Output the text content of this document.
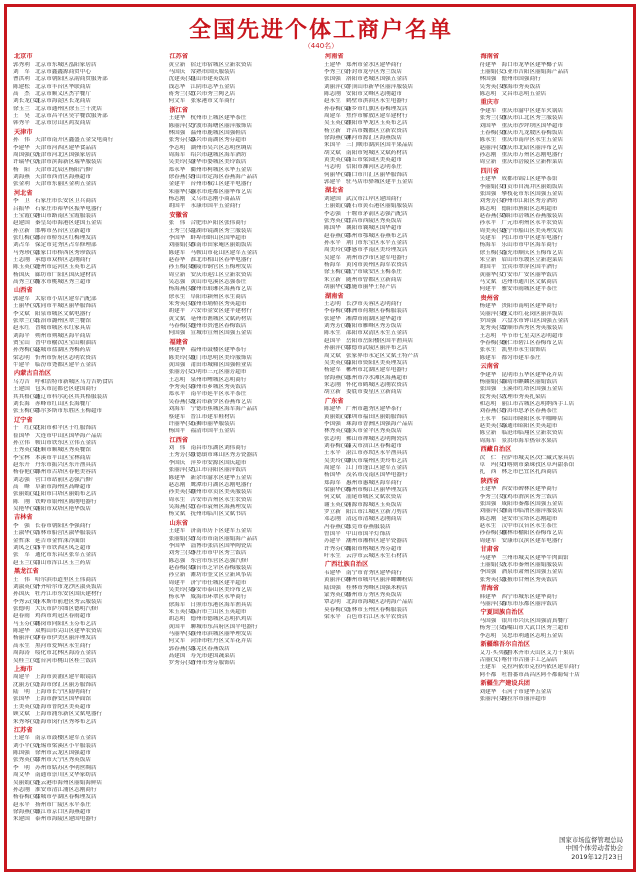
全国先进个体工商户名单
（440名）
北京市
郭秀利 北京市东城区泓阳家居店
刘　军 北京市鑫鑫源商贸中心
曹洪利 北京市朝阳区京韵商贸服务部
陈建松 北京市丰台区华联商店
高　杰 北京市顺义区杰宇餐厅
刘长龙(女)北京市海淀区长龙商店
徐玉兰 北京市通州区徐玉兰干洗店
王　昊 北京市昌平区昊宇餐饮服务部
韩秀平 北京市房山区鸿发商店
天津市
孙　伟 天津市南开区鑫盛五金交电商行
李建华 天津市河西区建华食品店
周国强(女)天津市河北区国强家居店
许瑞华(女)天津市滨海新区瑞华服装店
杨　阳 天津市北辰区杨阳汽修厂
刘海燕 天津市西青区海燕超市
张金利 天津市东丽区金利五金店
河北省
李　卫 石家庄市长安区卫兵商店
吕振华 石家庄市裕华区振华电器行
王宝霞(女)唐山市路南区宝霞服装店
赵建国 秦皇岛市海港区建国五金店
孙立新 邯郸市丛台区立新超市
张红梅(女)邢台市桥东区红梅理发店
刘占军 保定市竞秀区占军修理部
马秀珍(女)张家口市桥西区秀珍饭店
王志刚 承德市双桥区志刚商行
陈玉英(女)沧州市运河区玉英布艺店
杨国庆 廊坊市广阳区国庆建材店
高秀兰(女)衡水市桃城区秀兰超市
山西省
郭建军 太原市小店区建军汽配部
王丽华(女)大同市平城区丽华服饰店
李文斌 阳泉市城区文斌电器行
张翠兰(女)长治市潞州区翠兰餐馆
赵永红 晋城市城区永红家具店
刘海平 朔州市朔城区海平商店
贾宝山 晋中市榆次区宝山粮油店
孙秀梅(女)运城市盐湖区秀梅药店
梁志明 忻州市忻府区志明农资店
牛建平 临汾市尧都区建平五金店
内蒙古自治区
乌力吉 呼和浩特市新城区乌力吉奶食店
王建国 包头市昆都仑区建国商行
其其格(女)通辽市科尔沁区其其格服装店
刘长海 赤峰市红山区长海餐厅
张玉梅(女)鄂尔多斯市东胜区玉梅超市
辽宁省
于　红(女)沈阳市和平区于红服饰店
崔国华 大连市中山区国华海产品店
孙立伟 鞍山市铁东区立伟五金店
王秀英(女)抚顺市顺城区秀英餐馆
李宝林 本溪市平山区宝林商店
赵东升 丹东市振兴区东升渔具店
杨春艳(女)锦州市古塔区春艳美容店
刘志强 营口市站前区志强汽修厂
高　峰 阜新市海州区高峰超市
张丽娟(女)辽阳市白塔区丽娟布艺店
陈　刚 铁岭市银州区陈刚电器行
吴艳华(女)朝阳市双塔区艳华饭店
吉林省
李　强 长春市朝阳区李强商行
王淑华(女)吉林市船营区淑华服装店
金哲洙 延吉市金哲洙冷面馆
刘凤芝(女)四平市铁西区凤芝超市
张　军 通化市东昌区张军五金店
赵玉兰(女)白山市浑江区玉兰药店
黑龙江省
王　伟 哈尔滨市道里区王伟商店
刘淑英(女)齐齐哈尔市龙沙区淑英饭店
孙国庆 牡丹江市东安区国庆建材行
李秀云(女)佳木斯市前进区秀云服装店
张德明 大庆市萨尔图区德明汽修厂
赵春雨 鸡西市鸡冠区春雨超市
马玉芬(女)鹤岗市向阳区玉芬布艺店
陈建华 双鸭山市尖山区建华农资店
杨丽萍(女)伊春市伊美区丽萍理发店
高永生 黑河市爱辉区永生商行
周海涛 绥化市北林区海涛五金店
吴桂兰(女)七台河市桃山区桂兰饭店
上海市
周建平 上海市黄浦区建平眼镜店
沈丽芳(女)上海市徐汇区丽芳服饰店
陆　明 上海市长宁区陆明商行
张国华 上海市静安区国华面馆
王美英(女)上海市普陀区美英超市
顾文斌 上海市浦东新区文斌电器行
朱秀琴(女)上海市闵行区秀琴布艺店
江苏省
王建军 南京市鼓楼区建军五金店
刘小平(女)无锡市梁溪区小平服装店
陈国强 徐州市云龙区国强超市
张秀英(女)常州市天宁区秀英饭店
李　明 苏州市姑苏区李明丝绸店
周文华 南通市崇川区文华家纺店
吴丽娟(女)连云港市海州区丽娟海鲜店
孙志刚 淮安市清江浦区志刚商行
杨春梅(女)盐城市亭湖区春梅理发店
赵永平 扬州市广陵区永平茶庄
徐海燕(女)镇江市京口区海燕超市
朱建国 泰州市海陵区建国电器行
江苏省
黄立新 宿迁市宿城区立新农资店
马国庆 常熟市国庆服装店
沈建英(女)昆山市建英饭店
钱志华 江阴市志华五金店
蒋秀兰(女)宜兴市秀兰陶艺店
何文军 张家港市文军商行
浙江省
王建华 杭州市上城区建华茶庄
陈丽萍(女)宁波市海曙区丽萍服饰店
林国强 温州市鹿城区国强鞋店
张秀芬(女)嘉兴市南湖区秀芬超市
李志明 湖州市吴兴区志明丝绸店
周海军 绍兴市越城区海军酒坊
吴美玲(女)金华市婺城区美玲饭店
郑永华 衢州市柯城区永华五金店
徐春燕(女)舟山市定海区春燕海产品店
金建平 台州市椒江区建平电器行
朱丽华(女)丽水市莲都区丽华布艺店
杨志刚 义乌市志刚小商品店
胡国平 永康市国平五金商行
安徽省
张　伟 合肥市庐阳区张伟商行
王秀兰(女)芜湖市镜湖区秀兰服装店
李国华 蚌埠市蚌山区国华超市
刘丽娟(女)淮南市田家庵区丽娟饭店
陈建军 马鞍山市花山区建军五金店
赵春华 淮北市相山区春华电器行
孙玉梅(女)铜陵市铜官区玉梅理发店
周立新 安庆市迎江区立新农资店
吴志强 黄山市屯溪区志强茶庄
杨海燕(女)滁州市琅琊区海燕布艺店
徐永生 阜阳市颍州区永生商店
朱秀英(女)宿州市埇桥区秀英超市
胡建平 六安市金安区建平建材行
黄文斌 亳州市谯城区文斌药材店
马春梅(女)池州市贵池区春梅饭店
何国强 宣城市宣州区国强五金店
福建省
林建华 福州市鼓楼区建华茶行
陈美玲(女)厦门市思明区美玲服饰店
黄国强 莆田市城厢区国强鞋业店
张丽芳(女)三明市三元区丽芳超市
王志明 泉州市鲤城区志明商行
李秀英(女)漳州市芗城区秀英饭店
郑永平 南平市延平区永平茶庄
吴春燕(女)龙岩市新罗区春燕布艺店
刘海军 宁德市蕉城区海军海产品店
蔡建军 晋江市建军鞋材店
许丽华(女)石狮市丽华服装店
杨国平 福清市国平五金店
江西省
刘　伟 南昌市东湖区刘伟商行
王秀芳(女)景德镇市珠山区秀芳瓷器店
李国庆 萍乡市安源区国庆超市
张丽萍(女)九江市浔阳区丽萍饭店
陈建华 新余市渝水区建华五金店
赵志刚 鹰潭市月湖区志刚电器行
孙美英(女)赣州市章贡区美英服装店
周永生 吉安市吉州区永生农资店
吴海燕(女)宜春市袁州区海燕理发店
杨文斌 抚州市临川区文斌书店
山东省
王建军 济南市历下区建军五金店
张丽娟(女)青岛市市南区丽娟海产品店
李国华 淄博市张店区国华陶瓷店
刘秀兰(女)枣庄市市中区秀兰饭店
陈志强 东营市东营区志强汽修厂
赵春梅(女)烟台市芝罘区春梅服装店
孙立新 潍坊市奎文区立新风筝店
周建平 济宁市任城区建平超市
吴美玲(女)泰安市泰山区美玲布艺店
杨永华 威海市环翠区永华商行
徐海军 日照市东港区海军渔具店
朱玉英(女)临沂市兰山区玉英超市
胡志明 德州市德城区志明扒鸡店
黄国平 聊城市东昌府区国平电器行
马丽华(女)滨州市滨城区丽华理发店
何文军 菏泽市牡丹区文军花卉店
郭春燕(女)莱芜区春燕饭店
高建国 寿光市建国蔬菜店
罗秀芬(女)青州市秀芬服饰店
河南省
王建华 郑州市金水区建华商行
李秀兰(女)开封市龙亭区秀兰饭店
张国强 洛阳市老城区国强五金店
刘丽萍(女)平顶山市新华区丽萍服装店
陈志刚 安阳市文峰区志刚超市
赵永生 鹤壁市淇滨区永生电器行
孙春梅(女)新乡市红旗区春梅理发店
周建军 焦作市解放区建军建材行
吴玉英(女)濮阳市华龙区玉英布艺店
杨立新 许昌市魏都区立新农资店
徐海燕(女)漯河市源汇区海燕饭店
朱国平 三门峡市湖滨区国平果品店
胡文斌 南阳市宛城区文斌药材店
黄美英(女)商丘市梁园区美英超市
马志明 信阳市浉河区志明茶庄
何丽华(女)周口市川汇区丽华服饰店
郭建平 驻马店市驿城区建平五金店
湖北省
刘建国 武汉市江岸区建国商行
王丽娟(女)黄石市黄石港区丽娟服装店
李志强 十堰市茅箭区志强汽配店
张秀英(女)宜昌市西陵区秀英饭店
陈国华 襄阳市襄城区国华超市
赵春燕(女)鄂州市鄂城区春燕布艺店
孙永平 荆门市东宝区永平五金店
周美玲(女)孝感市孝南区美玲理发店
吴建军 荆州市沙市区建军电器行
杨海军 黄冈市黄州区海军农资店
徐玉梅(女)咸宁市咸安区玉梅茶庄
朱立新 随州市曾都区立新商店
胡丽华(女)恩施市丽华土特产店
湖南省
王志明 长沙市芙蓉区志明商行
李春梅(女)株洲市荷塘区春梅服装店
张建华 湘潭市雨湖区建华超市
刘秀芳(女)衡阳市雁峰区秀芳饭店
陈永生 邵阳市双清区永生五金店
赵国平 岳阳市岳阳楼区国平渔具店
孙丽萍(女)常德市武陵区丽萍布艺店
周文斌 张家界市永定区文斌土特产店
吴美英(女)益阳市资阳区美英理发店
杨建军 郴州市北湖区建军电器行
徐海燕(女)永州市冷水滩区海燕超市
朱志刚 怀化市鹤城区志刚农资店
胡立新 娄底市娄星区立新商店
广东省
陈建华 广州市越秀区建华茶行
黄丽娟(女)深圳市福田区丽娟服饰店
李国强 珠海市香洲区国强海产品店
林秀英(女)汕头市金平区秀英饭店
张志明 佛山市禅城区志明陶瓷店
刘春梅(女)韶关市浈江区春梅超市
王永平 湛江市赤坎区永平渔具店
吴美玲(女)肇庆市端州区美玲布艺店
周建军 江门市蓬江区建军五金店
杨国华 茂名市茂南区国华电器行
郑海军 惠州市惠城区海军商行
梁丽华(女)梅州市梅江区丽华理发店
何文斌 汕尾市城区文斌农资店
谢玉英(女)河源市源城区玉英饭店
罗立新 阳江市江城区立新刀剪店
邓志刚 清远市清城区志刚商店
冯春燕(女)东莞市春燕服装店
曾国平 中山市国平灯饰店
苏建平 潮州市湘桥区建平瓷器店
许秀芬(女)揭阳市榕城区秀芬超市
叶永生 云浮市云城区永生石材店
广西壮族自治区
韦建华 南宁市青秀区建华商行
黄丽萍(女)柳州市城中区丽萍螺蛳粉店
陆国强 桂林市秀峰区国强米粉店
蒙秀英(女)梧州市万秀区秀英饭店
覃志明 北海市海城区志明海产品店
莫春梅(女)玉林市玉州区春梅服装店
梁永平 百色市右江区永平农资店
海南省
符建华 海口市龙华区建华椰子店
王丽娟(女)三亚市吉阳区丽娟海产品店
林国强 儋州市国强商行
吴秀英(女)琼海市秀英饭店
陈志明 文昌市志明五金店
重庆市
李建军 重庆市渝中区建军火锅店
张秀兰(女)重庆市江北区秀兰服装店
刘国华 重庆市沙坪坝区国华超市
王春梅(女)重庆市九龙坡区春梅饭店
陈永生 重庆市南岸区永生五金店
赵丽萍(女)重庆市北碚区丽萍布艺店
孙志刚 重庆市万州区志刚电器行
周立新 重庆市涪陵区立新榨菜店
四川省
王建华 成都市锦江区建华茶馆
李丽娟(女)自贡市自流井区丽娟饭店
张国强 攀枝花市东区国强五金店
刘秀芳(女)泸州市江阳区秀芳酒坊
陈志明 德阳市旌阳区志明超市
赵春燕(女)绵阳市涪城区春燕服装店
孙永平 广元市利州区永平农资店
周美英(女)遂宁市船山区美英理发店
吴建军 内江市市中区建军电器行
杨海军 乐山市市中区海军商行
徐玉梅(女)南充市顺庆区玉梅布艺店
朱立新 眉山市东坡区立新泡菜店
胡国平 宜宾市翠屏区国平酒行
黄丽华(女)广安市广安区丽华饭店
马文斌 达州市通川区文斌商店
何建平 雅安市雨城区建平茶庄
贵州省
杨建华 贵阳市南明区建华商行
吴丽萍(女)遵义市红花岗区丽萍饭店
罗国强 六盘水市钟山区国强五金店
龙秀英(女)安顺市西秀区秀英服装店
王志明 毕节市七星关区志明超市
李春梅(女)铜仁市碧江区春梅布艺店
张永生 凯里市永生银饰店
陈建军 都匀市建军茶庄
云南省
李建华 昆明市五华区建华花卉店
杨丽娟(女)曲靖市麒麟区丽娟饭店
张国强 玉溪市红塔区国强五金店
段秀英(女)大理市秀英扎染店
和志明 丽江市古城区志明纳西手工店
刘春燕(女)普洱市思茅区春燕茶庄
王永平 保山市隆阳区永平咖啡店
赵美英(女)昭通市昭阳区美英超市
陈立新 临沧市临翔区立新农资店
周海军 景洪市海军热带水果店
西藏自治区
次　仁 拉萨市城关区次仁藏式家具店
卓　玛(女)日喀则市桑珠孜区卓玛甜茶馆
扎　西 林芝市巴宜区扎西商店
陕西省
王建华 西安市碑林区建华商行
李秀兰(女)宝鸡市渭滨区秀兰饭店
张国强 咸阳市秦都区国强五金店
刘丽萍(女)渭南市临渭区丽萍服装店
陈志刚 延安市宝塔区志刚超市
赵永生 汉中市汉台区永生茶庄
孙春梅(女)榆林市榆阳区春梅布艺店
周建军 安康市汉滨区建军电器行
甘肃省
马建华 兰州市城关区建华牛肉面馆
王丽娟(女)天水市秦州区丽娟服装店
李国强 酒泉市肃州区国强五金店
张秀英(女)张掖市甘州区秀英饭店
青海省
韩建华 西宁市城东区建华商行
马丽萍(女)海东市乐都区丽萍饭店
宁夏回族自治区
马国强 银川市兴庆区国强清真餐厅
杨秀兰(女)石嘴山市大武口区秀兰超市
李志明 吴忠市利通区志明五金店
新疆维吾尔自治区
艾力·买买提乌鲁木齐市天山区艾力干果店
古丽(女)喀什市古丽手工艺品店
王建军 克拉玛依市克拉玛依区建军商行
阿不都 吐鲁番市高昌区阿不都葡萄干店
新疆生产建设兵团
刘建华 石河子市建华五金店
张丽萍(女)阿拉尔市丽萍超市
国家市场监督管理总局
中国个体劳动者协会
2019年12月23日
